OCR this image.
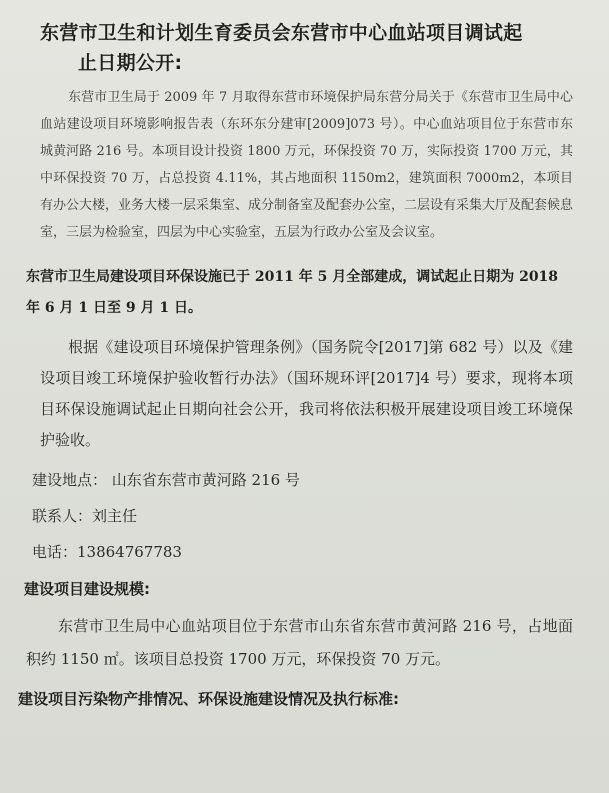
东营市卫生和计划生育委员会东营市中心血站项目调试起
止日期公开:

东营市卫生局于 2009 年 7 月取得东营市环境保护局东营分局关于《东营市卫生局中心血站建设项目环境影响报告表（东环东分建审[2009]073 号）。中心血站项目位于东营市东城黄河路 216 号。本项目设计投资 1800 万元，环保投资 70 万，实际投资 1700 万元，其中环保投资 70 万，占总投资 4.11%，其占地面积 1150m2，建筑面积 7000m2，本项目有办公大楼，业务大楼一层采集室、成分制备室及配套办公室，二层设有采集大厅及配套候息室，三层为检验室，四层为中心实验室，五层为行政办公室及会议室。

东营市卫生局建设项目环保设施已于 2011 年 5 月全部建成，调试起止日期为 2018 年 6 月 1 日至 9 月 1 日。

根据《建设项目环境保护管理条例》（国务院令[2017]第 682 号）以及《建设项目竣工环境保护验收暂行办法》（国环规环评[2017]4 号）要求，现将本项目环保设施调试起止日期向社会公开，我司将依法积极开展建设项目竣工环境保护验收。

建设地点： 山东省东营市黄河路 216 号

联系人：刘主任

电话：13864767783

建设项目建设规模:

东营市卫生局中心血站项目位于东营市山东省东营市黄河路 216 号，占地面积约 1150 ㎡。该项目总投资 1700 万元，环保投资 70 万元。

建设项目污染物产排情况、环保设施建设情况及执行标准:
